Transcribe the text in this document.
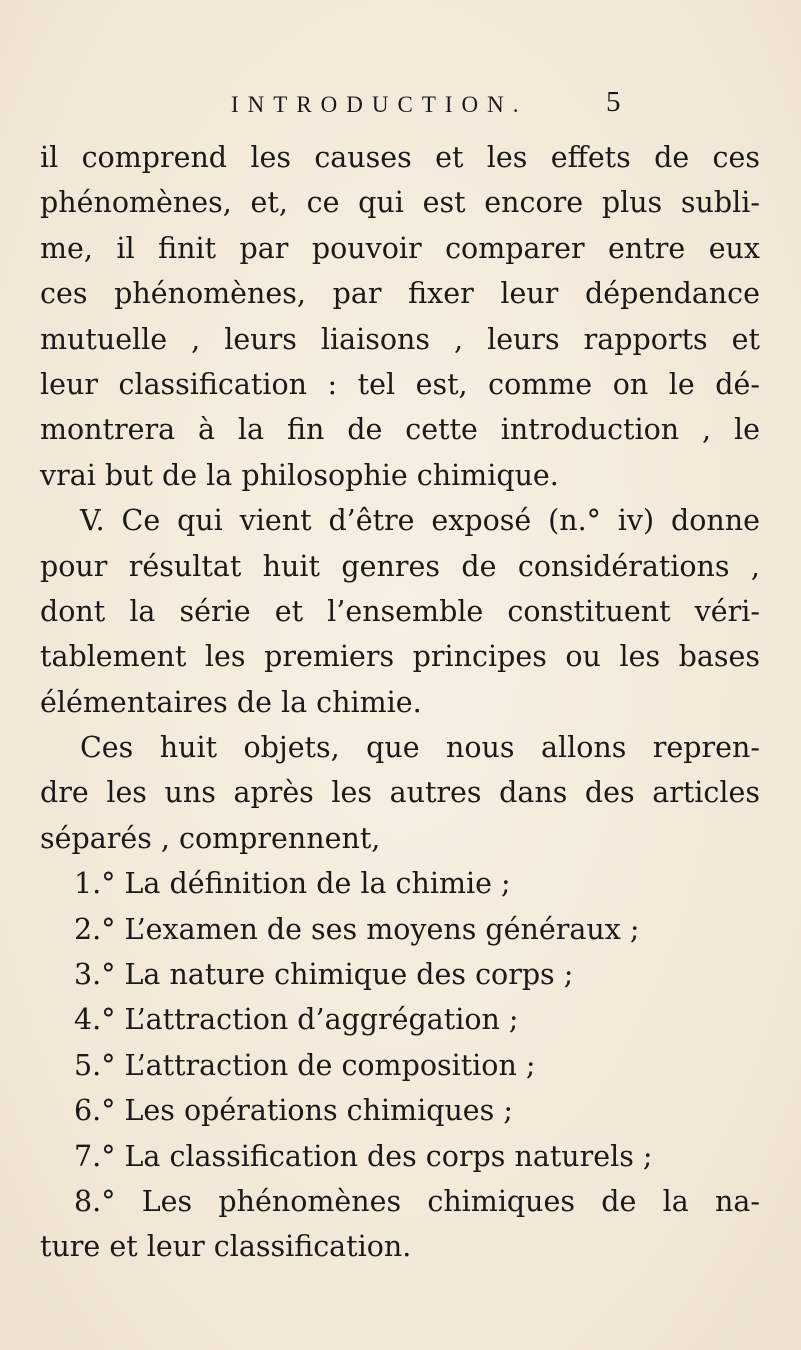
INTRODUCTION.	5
il comprend les causes et les effets de ces
phénomènes, et, ce qui est encore plus subli-
me, il finit par pouvoir comparer entre eux
ces phénomènes, par fixer leur dépendance
mutuelle , leurs liaisons , leurs rapports et
leur classification : tel est, comme on le dé-
montrera à la fin de cette introduction , le
vrai but de la philosophie chimique.
V. Ce qui vient d’être exposé (n.° iv) donne
pour résultat huit genres de considérations ,
dont la série et l’ensemble constituent véri-
tablement les premiers principes ou les bases
élémentaires de la chimie.
Ces huit objets, que nous allons repren-
dre les uns après les autres dans des articles
séparés , comprennent,
1.° La définition de la chimie ;
2.° L’examen de ses moyens généraux ;
3.° La nature chimique des corps ;
4.° L’attraction d’aggrégation ;
5.° L’attraction de composition ;
6.° Les opérations chimiques ;
7.° La classification des corps naturels ;
8.° Les phénomènes chimiques de la na-
ture et leur classification.
